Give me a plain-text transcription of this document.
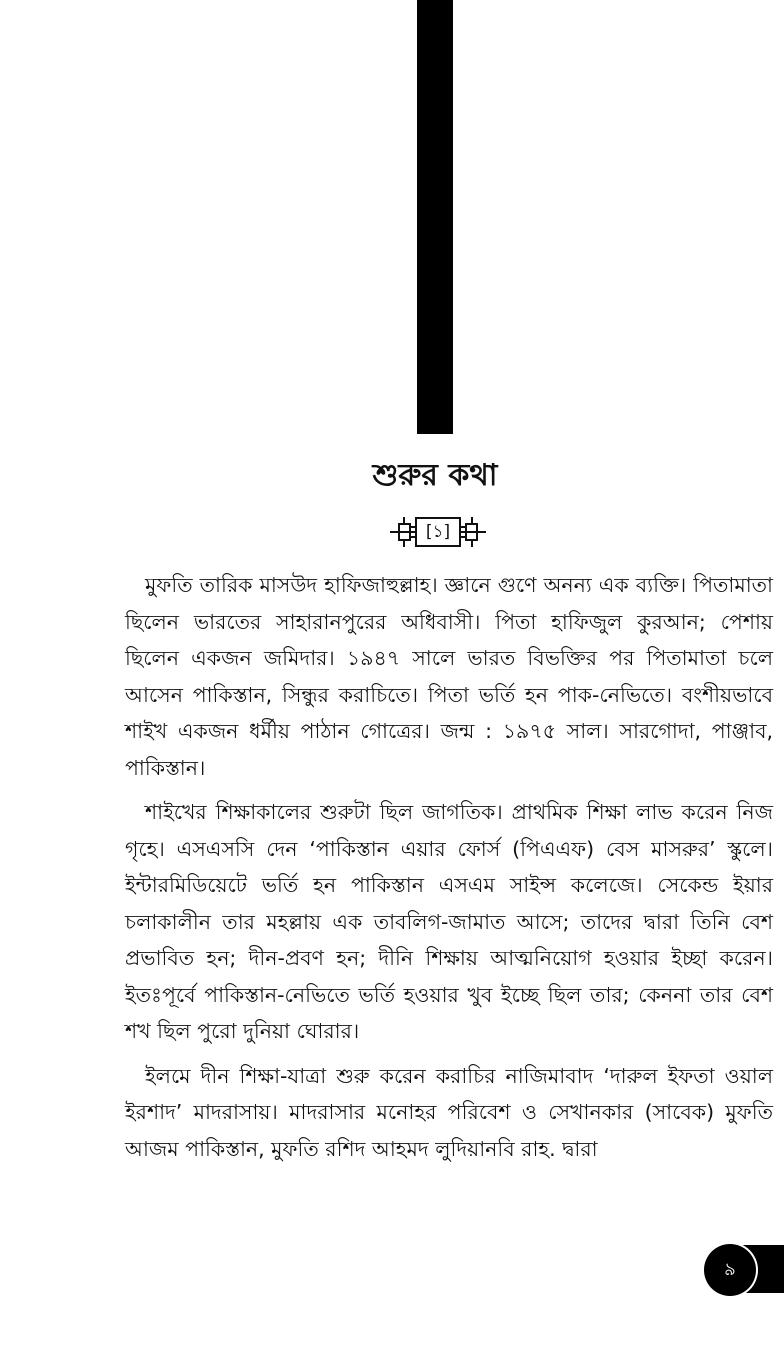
শুরুর কথা
[১]

মুফতি তারিক মাসউদ হাফিজাহুল্লাহ। জ্ঞানে গুণে অনন্য এক ব্যক্তি। পিতামাতা ছিলেন ভারতের সাহারানপুরের অধিবাসী। পিতা হাফিজুল কুরআন; পেশায় ছিলেন একজন জমিদার। ১৯৪৭ সালে ভারত বিভক্তির পর পিতামাতা চলে আসেন পাকিস্তান, সিন্ধুর করাচিতে। পিতা ভর্তি হন পাক-নেভিতে। বংশীয়ভাবে শাইখ একজন ধর্মীয় পাঠান গোত্রের। জন্ম : ১৯৭৫ সাল। সারগোদা, পাঞ্জাব, পাকিস্তান।

শাইখের শিক্ষাকালের শুরুটা ছিল জাগতিক। প্রাথমিক শিক্ষা লাভ করেন নিজ গৃহে। এসএসসি দেন ‘পাকিস্তান এয়ার ফোর্স (পিএএফ) বেস মাসরুর’ স্কুলে। ইন্টারমিডিয়েটে ভর্তি হন পাকিস্তান এসএম সাইন্স কলেজে। সেকেন্ড ইয়ার চলাকালীন তার মহল্লায় এক তাবলিগ-জামাত আসে; তাদের দ্বারা তিনি বেশ প্রভাবিত হন; দীন-প্রবণ হন; দীনি শিক্ষায় আত্মনিয়োগ হওয়ার ইচ্ছা করেন। ইতঃপূর্বে পাকিস্তান-নেভিতে ভর্তি হওয়ার খুব ইচ্ছে ছিল তার; কেননা তার বেশ শখ ছিল পুরো দুনিয়া ঘোরার।

ইলমে দীন শিক্ষা-যাত্রা শুরু করেন করাচির নাজিমাবাদ ‘দারুল ইফতা ওয়াল ইরশাদ’ মাদরাসায়। মাদরাসার মনোহর পরিবেশ ও সেখানকার (সাবেক) মুফতি আজম পাকিস্তান, মুফতি রশিদ আহমদ লুদিয়ানবি রাহ. দ্বারা

৯
